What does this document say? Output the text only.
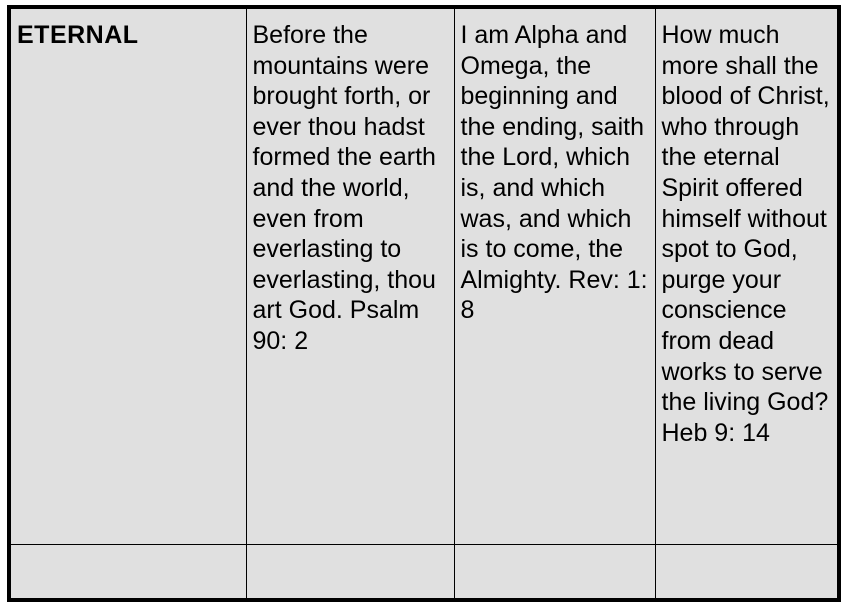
ETERNAL	Before the mountains were brought forth, or ever thou hadst formed the earth and the world, even from everlasting to everlasting, thou art God. Psalm 90: 2	I am Alpha and Omega, the beginning and the ending, saith the Lord, which is, and which was, and which is to come, the Almighty. Rev: 1: 8	How much more shall the blood of Christ, who through the eternal Spirit offered himself without spot to God, purge your conscience from dead works to serve the living God? Heb 9: 14
